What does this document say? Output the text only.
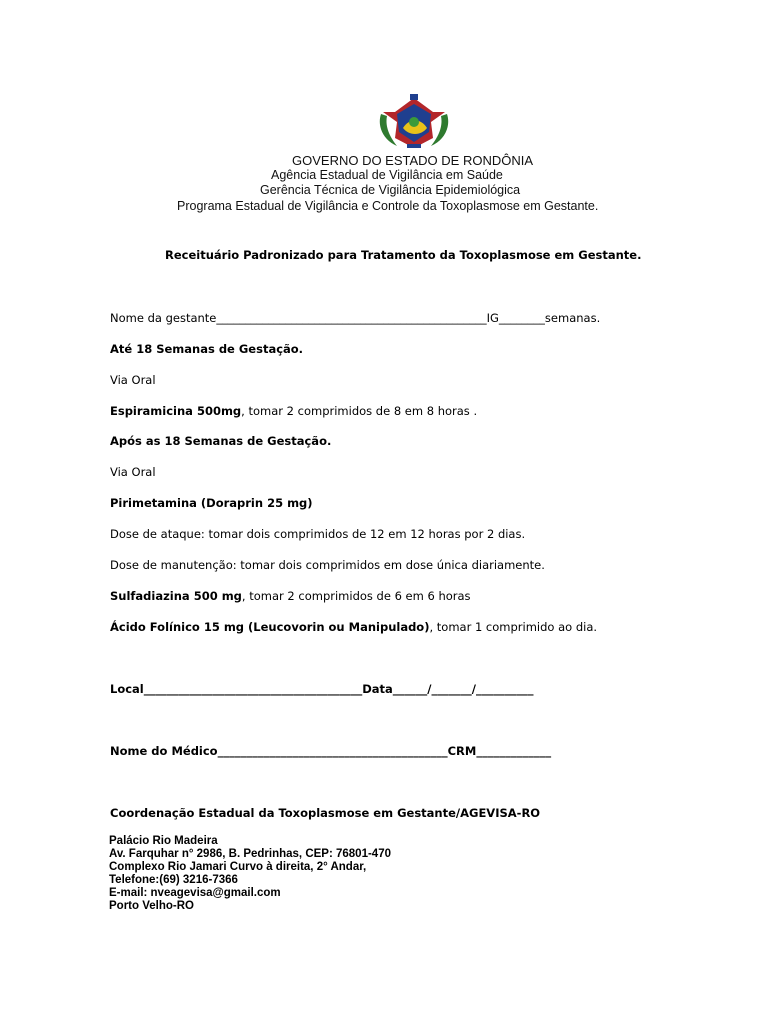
GOVERNO DO ESTADO DE RONDÔNIA
Agência Estadual de Vigilância em Saúde
Gerência Técnica de Vigilância Epidemiológica
Programa Estadual de Vigilância e Controle da Toxoplasmose em Gestante.
Receituário Padronizado para Tratamento da Toxoplasmose em Gestante.
Nome da gestante_______________________________________________IG________semanas.
Até 18 Semanas de Gestação.
Via Oral
Espiramicina 500mg, tomar 2 comprimidos de 8 em 8 horas .
Após as 18 Semanas de Gestação.
Via Oral
Pirimetamina (Doraprin 25 mg)
Dose de ataque: tomar dois comprimidos de 12 em 12 horas por 2 dias.
Dose de manutenção: tomar dois comprimidos em dose única diariamente.
Sulfadiazina 500 mg, tomar 2 comprimidos de 6 em 6 horas
Ácido Folínico 15 mg (Leucovorin ou Manipulado), tomar 1 comprimido ao dia.
Local______________________________________Data______/_______/__________
Nome do Médico________________________________________CRM_____________
Coordenação Estadual da Toxoplasmose em Gestante/AGEVISA-RO
Palácio Rio Madeira
Av. Farquhar n° 2986, B. Pedrinhas, CEP: 76801-470
Complexo Rio Jamari Curvo à direita, 2° Andar,
Telefone:(69) 3216-7366
E-mail: nveagevisa@gmail.com
Porto Velho-RO
